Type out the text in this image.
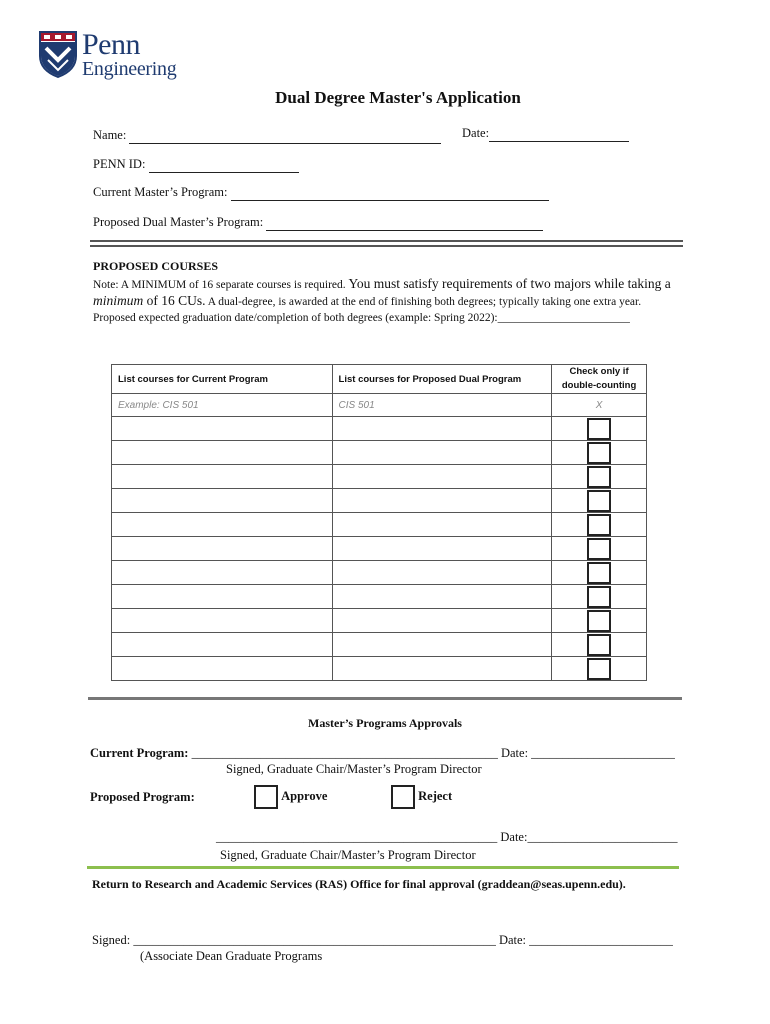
Penn
Engineering
Dual Degree Master's Application
Name:	Date:
PENN ID:
Current Master’s Program:
Proposed Dual Master’s Program:
PROPOSED COURSES
Note: A MINIMUM of 16 separate courses is required. You must satisfy requirements of two majors while taking a minimum of 16 CUs. A dual-degree, is awarded at the end of finishing both degrees; typically taking one extra year.
Proposed expected graduation date/completion of both degrees (example: Spring 2022):_______________________
List courses for Current Program	List courses for Proposed Dual Program	Check only if double-counting
Example: CIS 501	CIS 501	X

Master’s Programs Approvals
Current Program: _________________________________________________ Date: _______________________
Signed, Graduate Chair/Master’s Program Director
Proposed Program:	Approve	Reject
_____________________________________________ Date:________________________
Signed, Graduate Chair/Master’s Program Director
Return to Research and Academic Services (RAS) Office for final approval (graddean@seas.upenn.edu).
Signed: __________________________________________________________ Date: _______________________
(Associate Dean Graduate Programs
